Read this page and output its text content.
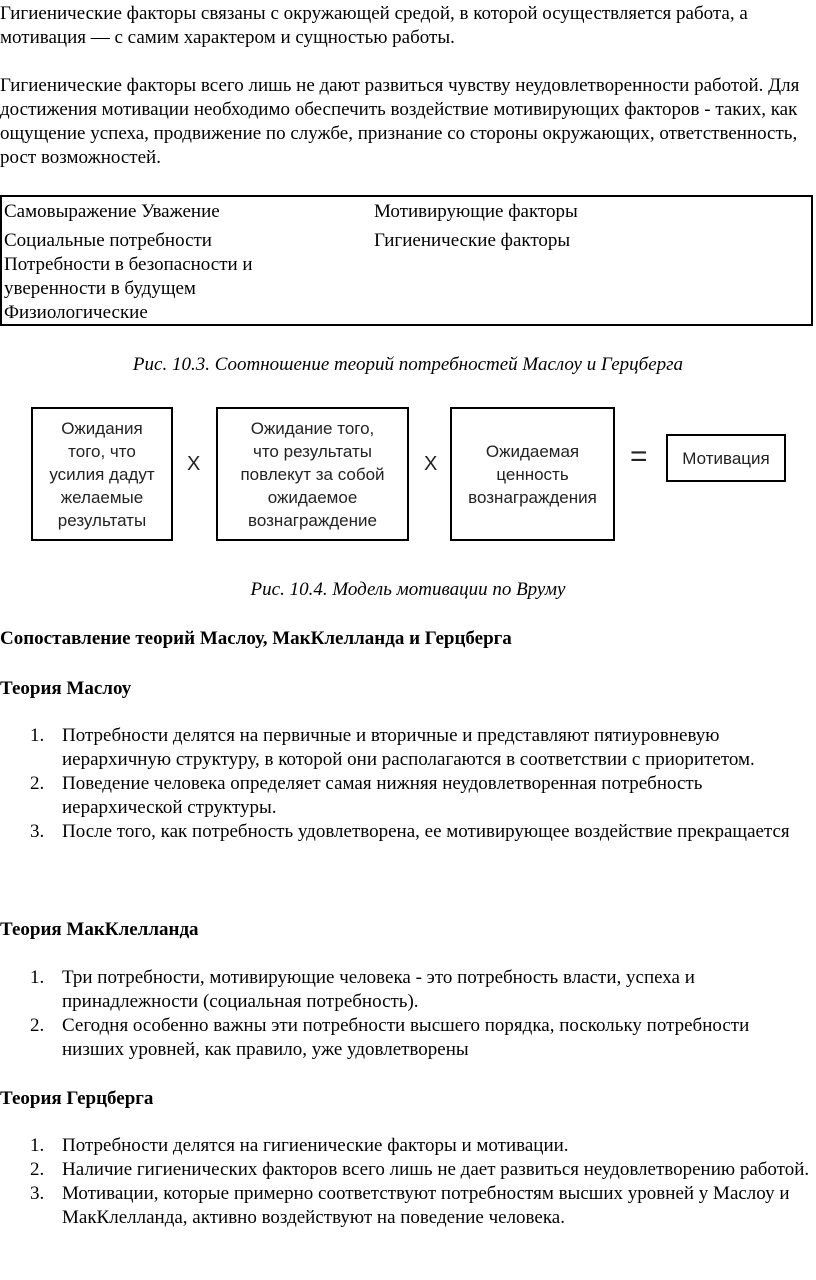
Гигиенические факторы связаны с окружающей средой, в которой осуществляется работа, а мотивация — с самим характером и сущностью работы.

Гигиенические факторы всего лишь не дают развиться чувству неудовлетворенности работой. Для достижения мотивации необходимо обеспечить воздействие мотивирующих факторов - таких, как ощущение успеха, продвижение по службе, признание со стороны окружающих, ответственность, рост возможностей.

Самовыражение Уважение
Социальные потребности
Потребности в безопасности и
уверенности в будущем
Физиологические
Мотивирующие факторы
Гигиенические факторы

Рис. 10.3. Соотношение теорий потребностей Маслоу и Герцберга

Ожидания
того, что
усилия дадут
желаемые
результаты
X
Ожидание того,
что результаты
повлекут за собой
ожидаемое
вознаграждение
X
Ожидаемая
ценность
вознаграждения
= Мотивация

Рис. 10.4. Модель мотивации по Вруму

Сопоставление теорий Маслоу, МакКлелланда и Герцберга
Теория Маслоу
1. Потребности делятся на первичные и вторичные и представляют пятиуровневую иерархичную структуру, в которой они располагаются в соответствии с приоритетом.
2. Поведение человека определяет самая нижняя неудовлетворенная потребность иерархической структуры.
3. После того, как потребность удовлетворена, ее мотивирующее воздействие прекращается
Теория МакКлелланда
1. Три потребности, мотивирующие человека - это потребность власти, успеха и принадлежности (социальная потребность).
2. Сегодня особенно важны эти потребности высшего порядка, поскольку потребности низших уровней, как правило, уже удовлетворены
Теория Герцберга
1. Потребности делятся на гигиенические факторы и мотивации.
2. Наличие гигиенических факторов всего лишь не дает развиться неудовлетворению работой.
3. Мотивации, которые примерно соответствуют потребностям высших уровней у Маслоу и МакКлелланда, активно воздействуют на поведение человека.
